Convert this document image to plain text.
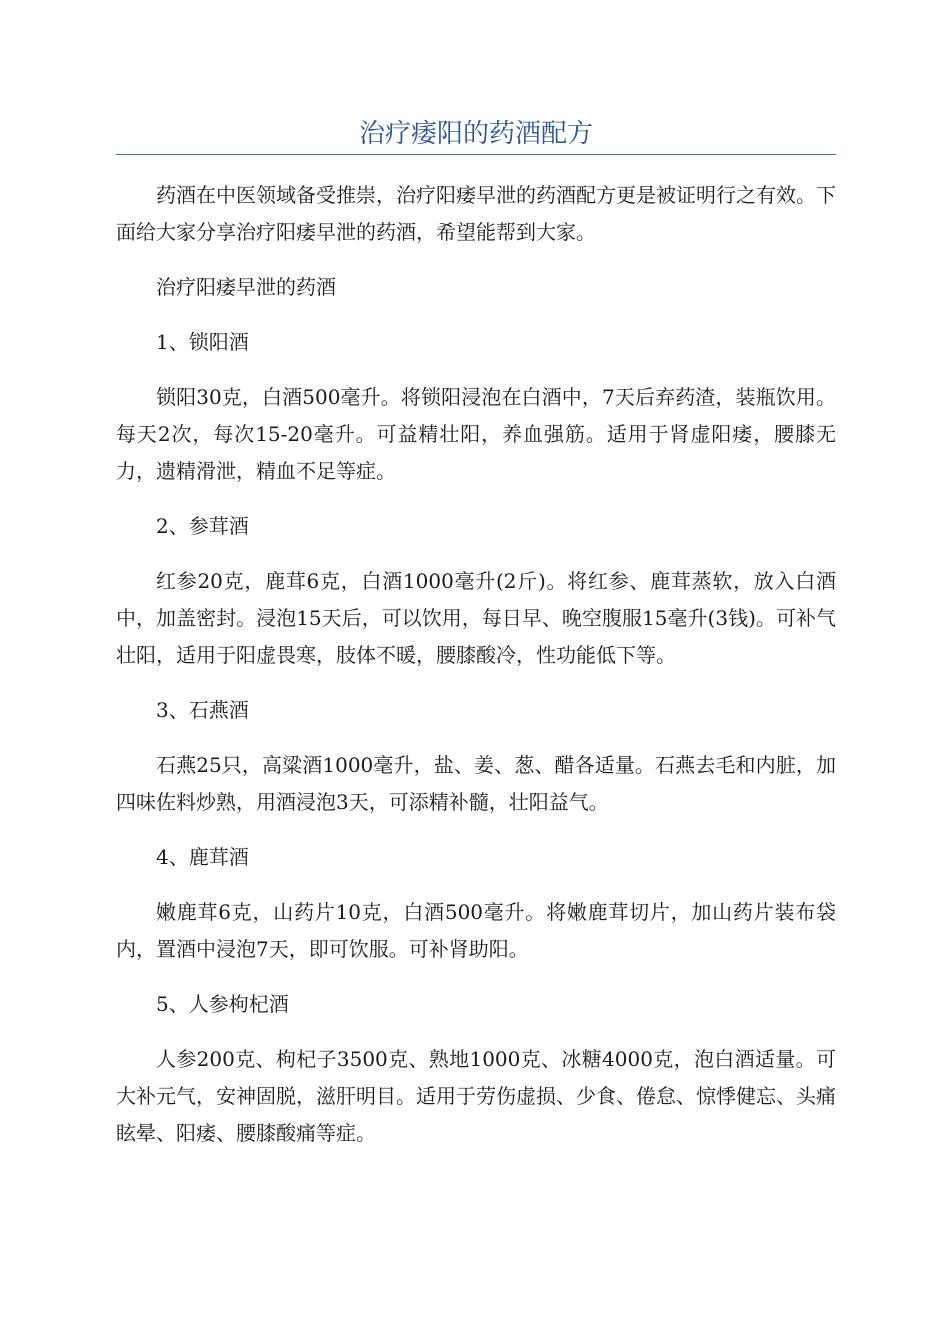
治疗痿阳的药酒配方

药酒在中医领域备受推崇，治疗阳痿早泄的药酒配方更是被证明行之有效。下面给大家分享治疗阳痿早泄的药酒，希望能帮到大家。

治疗阳痿早泄的药酒

1、锁阳酒

锁阳30克，白酒500毫升。将锁阳浸泡在白酒中，7天后弃药渣，装瓶饮用。每天2次，每次15-20毫升。可益精壮阳，养血强筋。适用于肾虚阳痿，腰膝无力，遗精滑泄，精血不足等症。

2、参茸酒

红参20克，鹿茸6克，白酒1000毫升(2斤)。将红参、鹿茸蒸软，放入白酒中，加盖密封。浸泡15天后，可以饮用，每日早、晚空腹服15毫升(3钱)。可补气壮阳，适用于阳虚畏寒，肢体不暖，腰膝酸冷，性功能低下等。

3、石燕酒

石燕25只，高粱酒1000毫升，盐、姜、葱、醋各适量。石燕去毛和内脏，加四味佐料炒熟，用酒浸泡3天，可添精补髓，壮阳益气。

4、鹿茸酒

嫩鹿茸6克，山药片10克，白酒500毫升。将嫩鹿茸切片，加山药片装布袋内，置酒中浸泡7天，即可饮服。可补肾助阳。

5、人参枸杞酒

人参200克、枸杞子3500克、熟地1000克、冰糖4000克，泡白酒适量。可大补元气，安神固脱，滋肝明目。适用于劳伤虚损、少食、倦怠、惊悸健忘、头痛眩晕、阳痿、腰膝酸痛等症。
